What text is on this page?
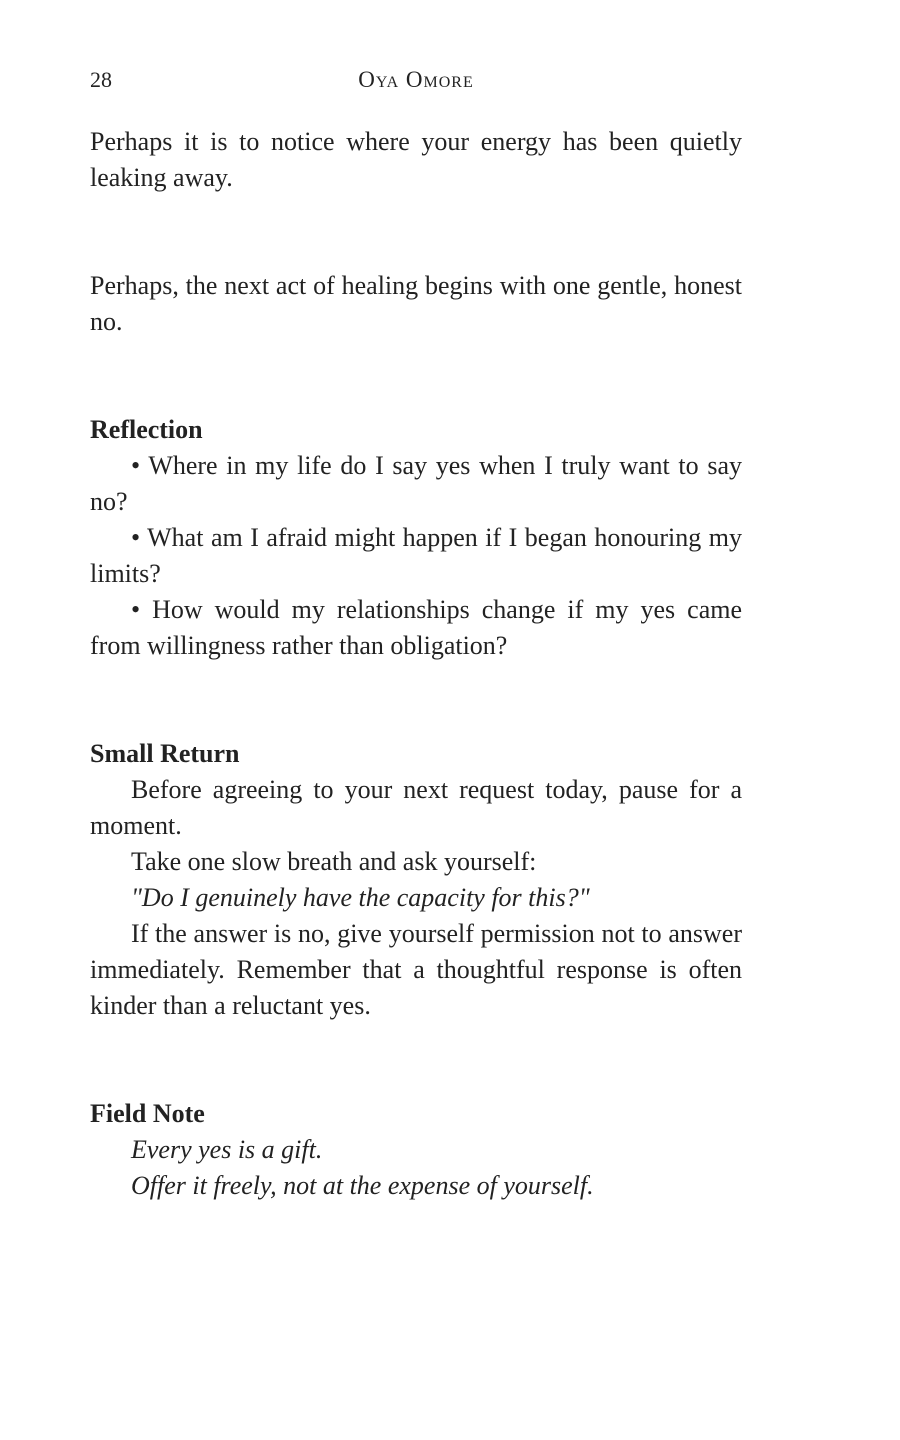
28	Oya Omore

Perhaps it is to notice where your energy has been quietly leaking away.

Perhaps, the next act of healing begins with one gentle, honest no.

Reflection

• Where in my life do I say yes when I truly want to say no?

• What am I afraid might happen if I began honouring my limits?

• How would my relationships change if my yes came from willingness rather than obligation?

Small Return

Before agreeing to your next request today, pause for a moment.

Take one slow breath and ask yourself:

"Do I genuinely have the capacity for this?"

If the answer is no, give yourself permission not to answer immediately. Remember that a thoughtful response is often kinder than a reluctant yes.

Field Note

Every yes is a gift.

Offer it freely, not at the expense of yourself.
